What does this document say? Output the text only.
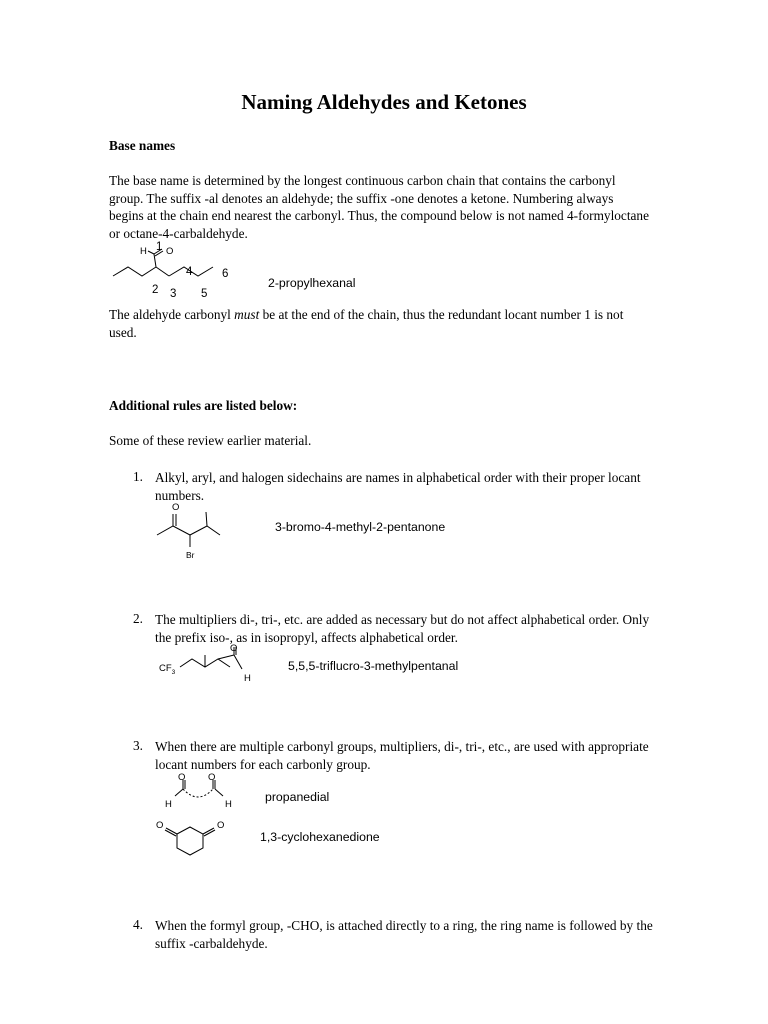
Naming Aldehydes and Ketones
Base names

The base name is determined by the longest continuous carbon chain that contains the carbonyl group. The suffix -al denotes an aldehyde; the suffix -one denotes a ketone. Numbering always begins at the chain end nearest the carbonyl. Thus, the compound below is not named 4-formyloctane or octane-4-carbaldehyde.

H 1 O
2 3
4
5
6
2-propylhexanal

The aldehyde carbonyl must be at the end of the chain, thus the redundant locant number 1 is not used.

Additional rules are listed below:

Some of these review earlier material.

1. Alkyl, aryl, and halogen sidechains are names in alphabetical order with their proper locant numbers.

O
Br
3-bromo-4-methyl-2-pentanone
2. The multipliers di-, tri-, etc. are added as necessary but do not affect alphabetical order. Only the prefix iso-, as in isopropyl, affects alphabetical order.

$CF_3$
O
H
5,5,5-triflucro-3-methylpentanal
3. When there are multiple carbonyl groups, multipliers, di-, tri-, etc., are used with appropriate locant numbers for each carbonly group.

O O
H	H
propanedial
O	O
1,3-cyclohexanedione
4. When the formyl group, -CHO, is attached directly to a ring, the ring name is followed by the suffix -carbaldehyde.
